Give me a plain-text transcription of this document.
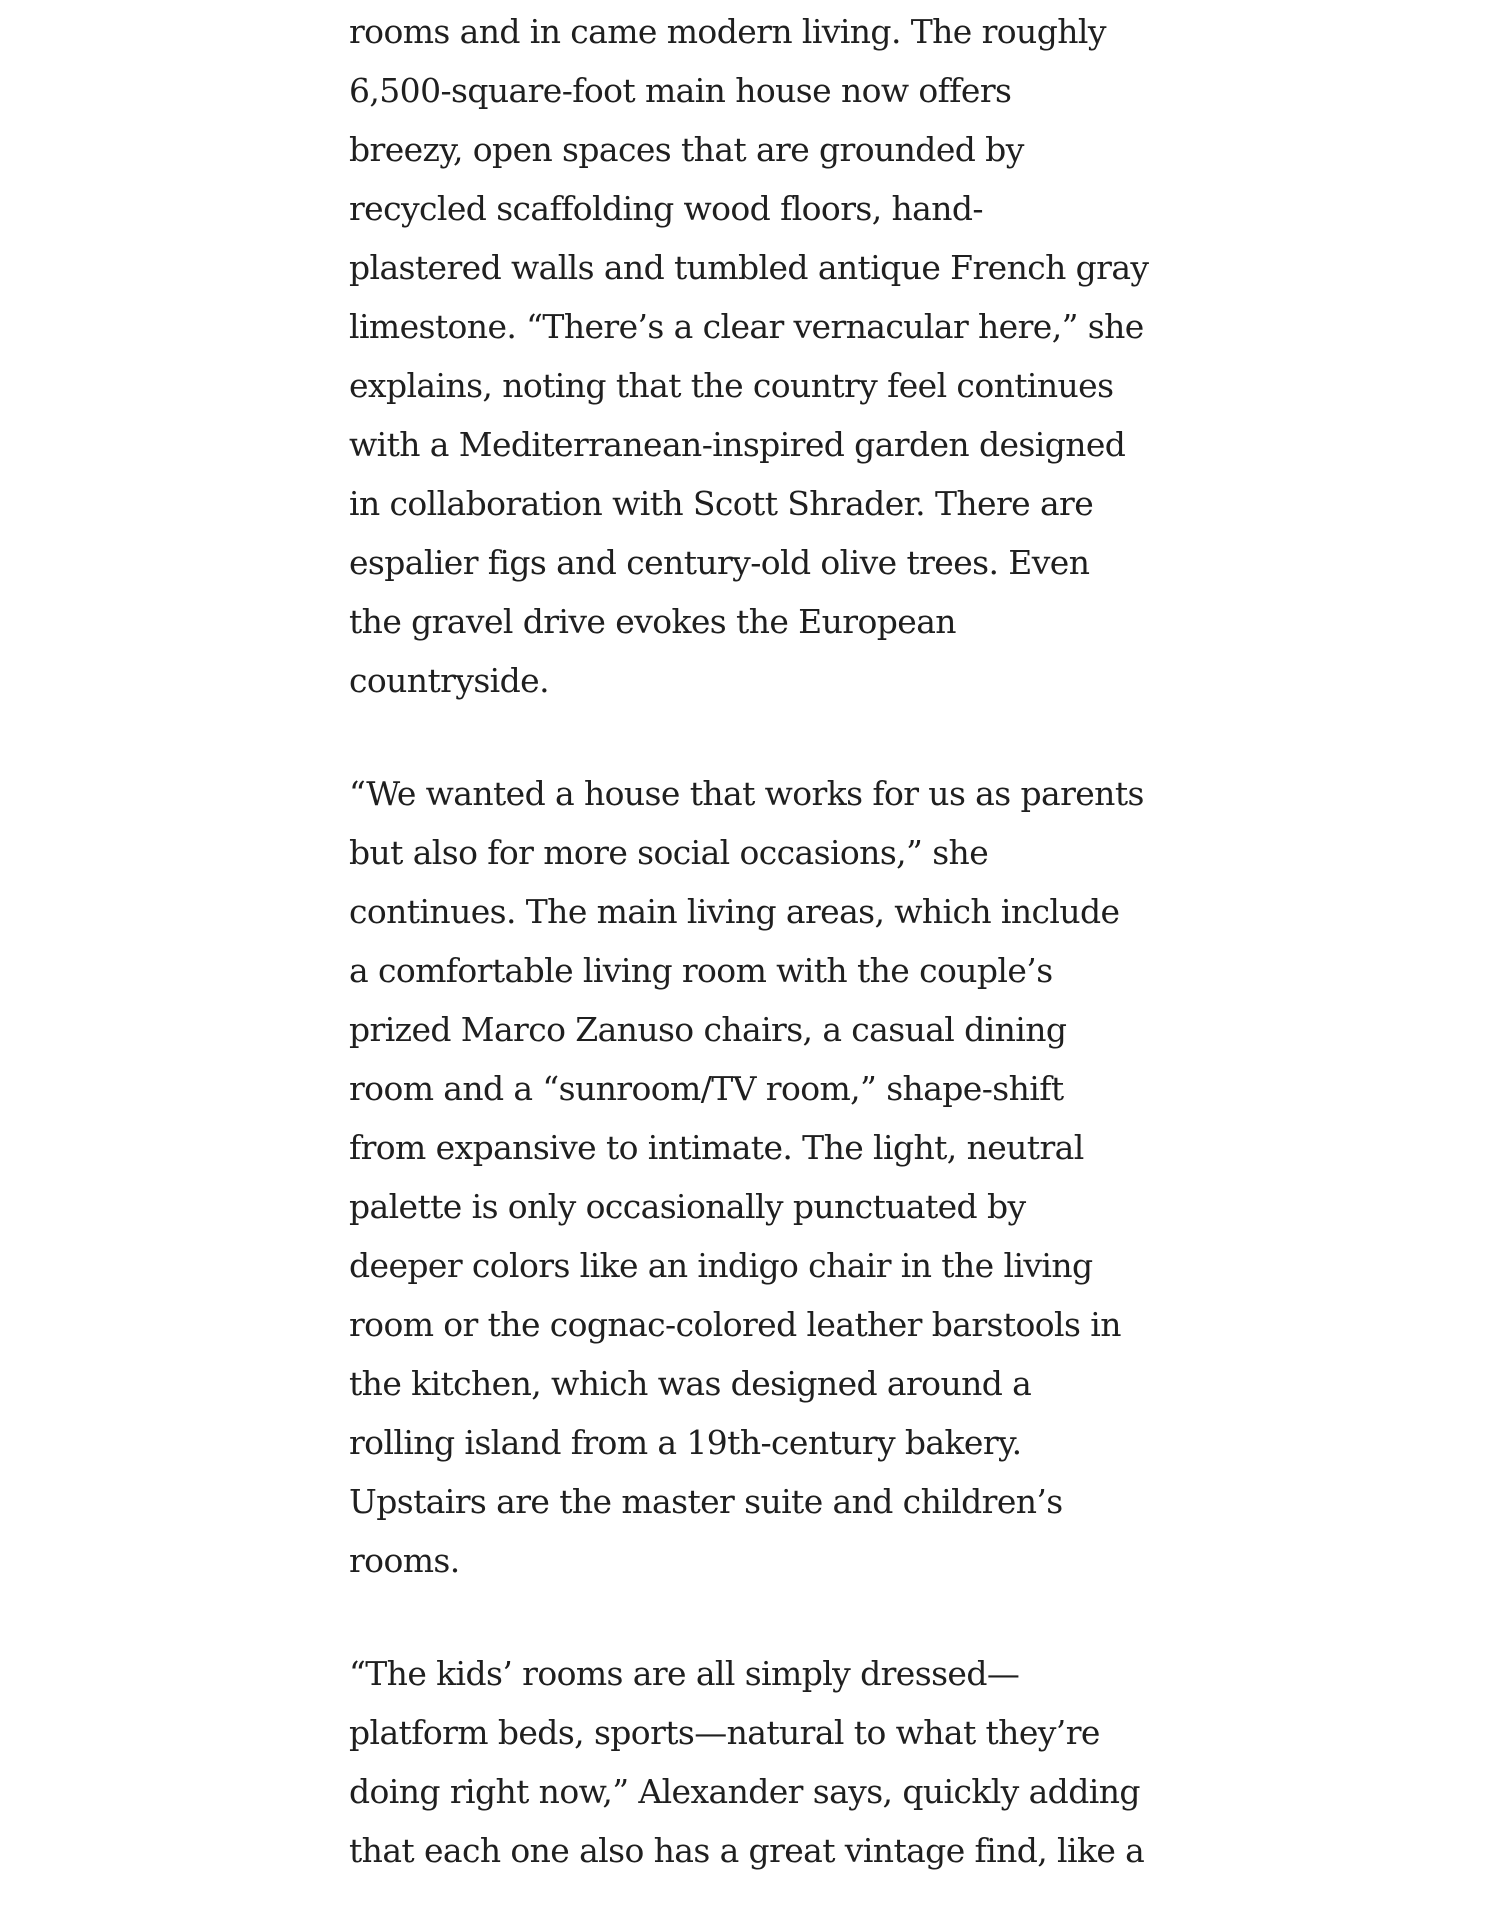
rooms and in came modern living. The roughly
6,500-square-foot main house now offers
breezy, open spaces that are grounded by
recycled scaffolding wood floors, hand-
plastered walls and tumbled antique French gray
limestone. “There’s a clear vernacular here,” she
explains, noting that the country feel continues
with a Mediterranean-inspired garden designed
in collaboration with Scott Shrader. There are
espalier figs and century-old olive trees. Even
the gravel drive evokes the European
countryside.

“We wanted a house that works for us as parents
but also for more social occasions,” she
continues. The main living areas, which include
a comfortable living room with the couple’s
prized Marco Zanuso chairs, a casual dining
room and a “sunroom/TV room,” shape-shift
from expansive to intimate. The light, neutral
palette is only occasionally punctuated by
deeper colors like an indigo chair in the living
room or the cognac-colored leather barstools in
the kitchen, which was designed around a
rolling island from a 19th-century bakery.
Upstairs are the master suite and children’s
rooms.

“The kids’ rooms are all simply dressed—
platform beds, sports—natural to what they’re
doing right now,” Alexander says, quickly adding
that each one also has a great vintage find, like a
